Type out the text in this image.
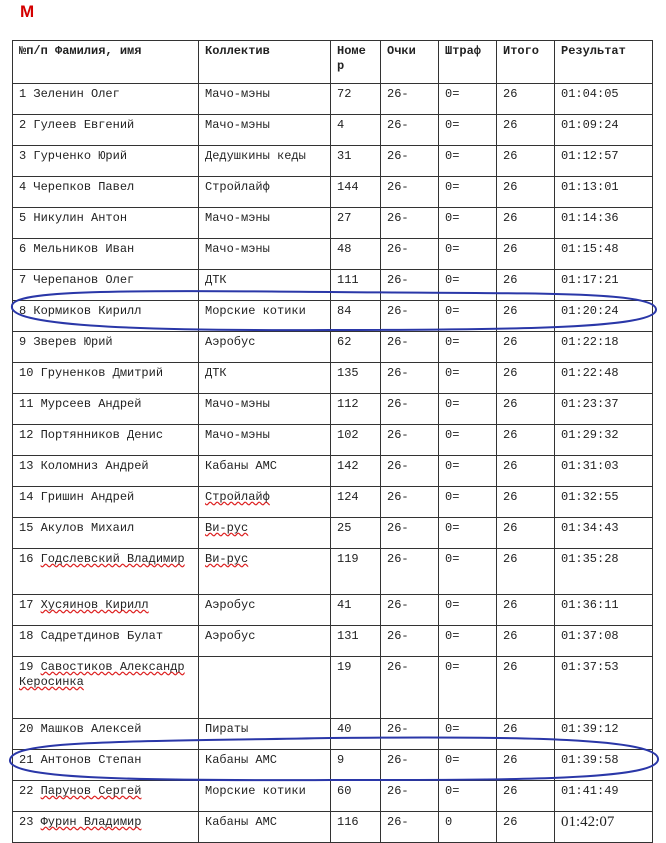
M
№п/п Фамилия, имя	Коллектив	Номе р	Очки	Штраф	Итого	Результат
1 Зеленин Олег	Мачо-мэны	72	26-	0=	26	01:04:05
2 Гулеев Евгений	Мачо-мэны	4	26-	0=	26	01:09:24
3 Гурченко Юрий	Дедушкины кеды	31	26-	0=	26	01:12:57
4 Черепков Павел	Стройлайф	144	26-	0=	26	01:13:01
5 Никулин Антон	Мачо-мэны	27	26-	0=	26	01:14:36
6 Мельников Иван	Мачо-мэны	48	26-	0=	26	01:15:48
7 Черепанов Олег	ДТК	111	26-	0=	26	01:17:21
8 Кормиков Кирилл	Морские котики	84	26-	0=	26	01:20:24
9 Зверев Юрий	Аэробус	62	26-	0=	26	01:22:18
10 Груненков Дмитрий	ДТК	135	26-	0=	26	01:22:48
11 Мурсеев Андрей	Мачо-мэны	112	26-	0=	26	01:23:37
12 Портянников Денис	Мачо-мэны	102	26-	0=	26	01:29:32
13 Коломниз Андрей	Кабаны АМС	142	26-	0=	26	01:31:03
14 Гришин Андрей	Стройлайф	124	26-	0=	26	01:32:55
15 Акулов Михаил	Ви-рус	25	26-	0=	26	01:34:43
16 Годслевский Владимир	Ви-рус	119	26-	0=	26	01:35:28
17 Хусяинов Кирилл	Аэробус	41	26-	0=	26	01:36:11
18 Садретдинов Булат	Аэробус	131	26-	0=	26	01:37:08
19 Савостиков Александр Керосинка		19	26-	0=	26	01:37:53
20 Машков Алексей	Пираты	40	26-	0=	26	01:39:12
21 Антонов Степан	Кабаны АМС	9	26-	0=	26	01:39:58
22 Парунов Сергей	Морские котики	60	26-	0=	26	01:41:49
23 Фурин Владимир	Кабаны АМС	116	26-	0	26	01:42:07
